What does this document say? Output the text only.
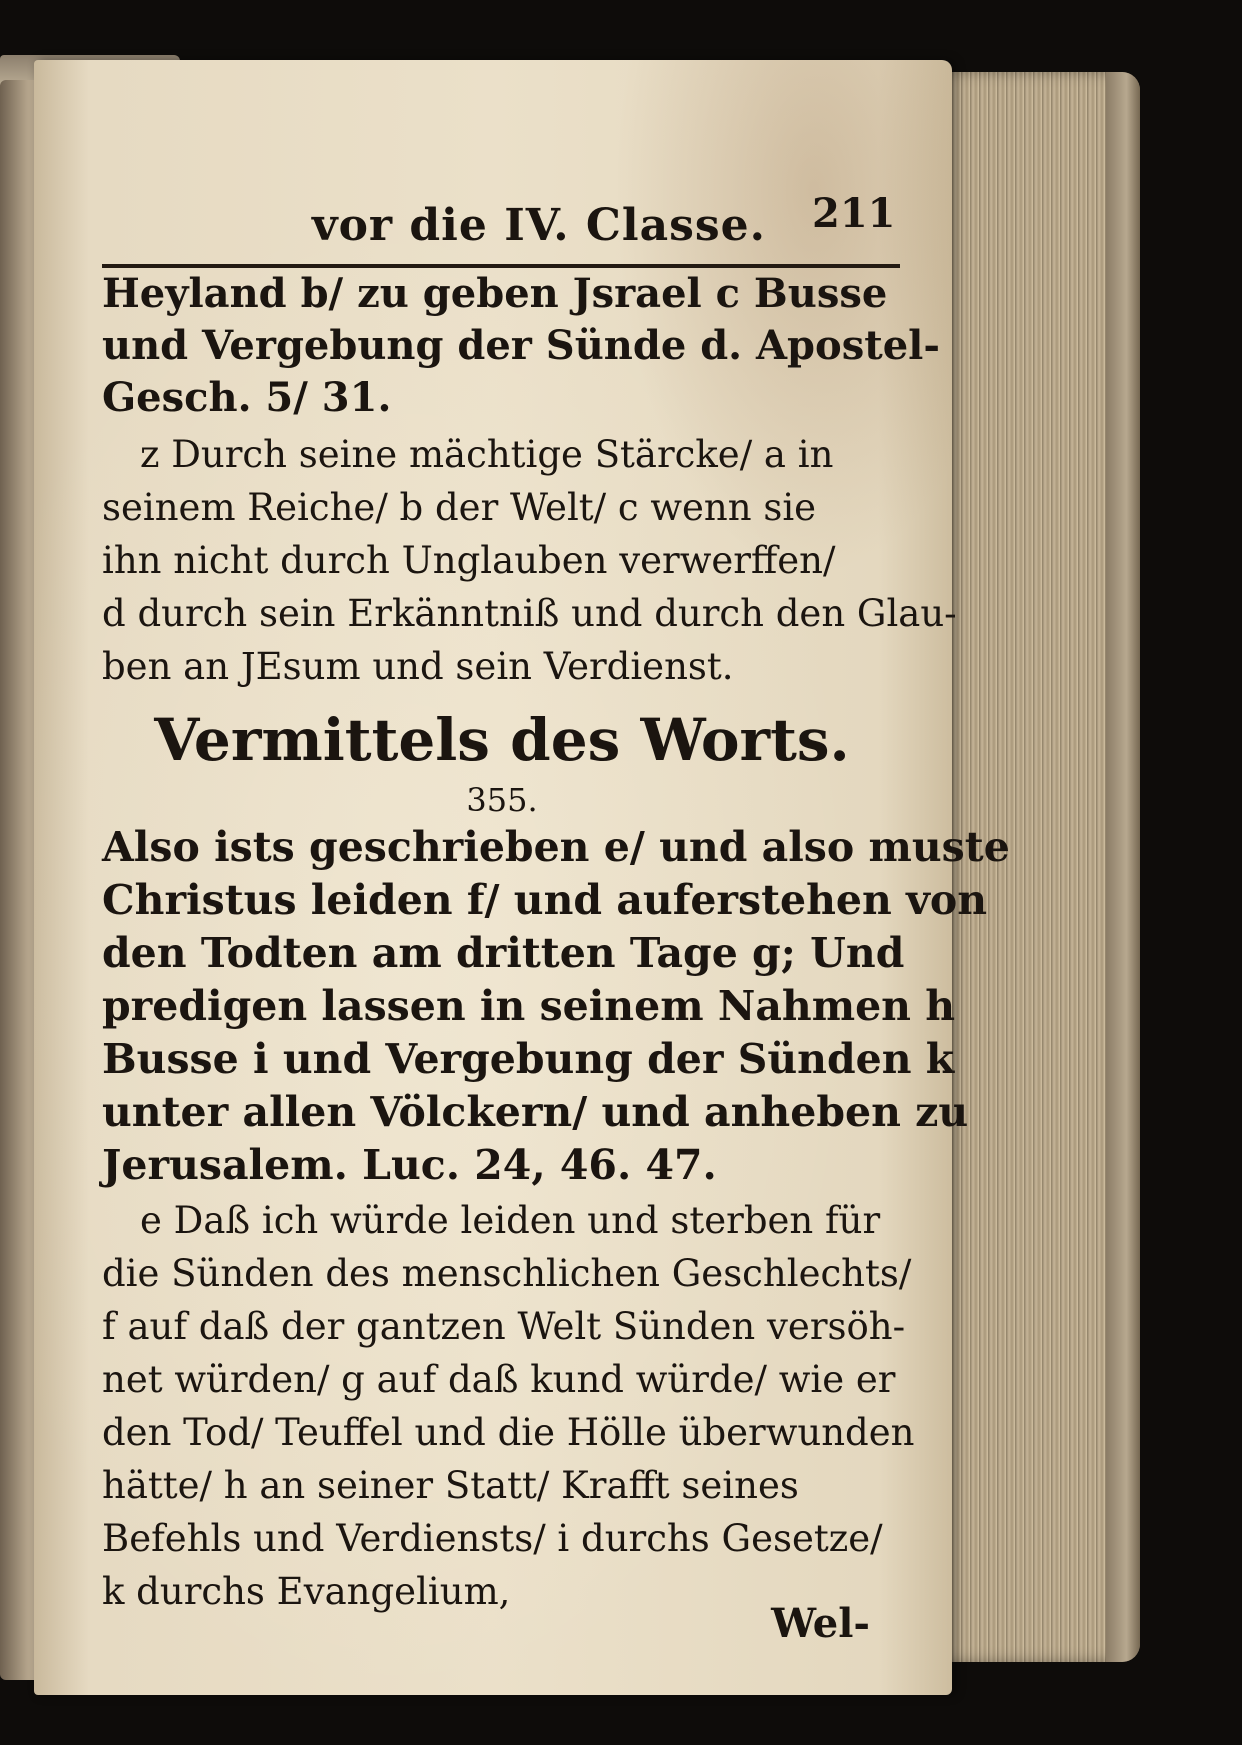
vor die IV. Classe. 211
Heyland b/ zu geben Jsrael c Busse
und Vergebung der Sünde d. Apostel-
Gesch. 5/ 31.
z Durch seine mächtige Stärcke/ a in
seinem Reiche/ b der Welt/ c wenn sie
ihn nicht durch Unglauben verwerffen/
d durch sein Erkänntniß und durch den Glau-
ben an JEsum und sein Verdienst.
Vermittels des Worts.
355.
Also ists geschrieben e/ und also muste
Christus leiden f/ und auferstehen von
den Todten am dritten Tage g; Und
predigen lassen in seinem Nahmen h
Busse i und Vergebung der Sünden k
unter allen Völckern/ und anheben zu
Jerusalem. Luc. 24, 46. 47.
e Daß ich würde leiden und sterben für
die Sünden des menschlichen Geschlechts/
f auf daß der gantzen Welt Sünden versöh-
net würden/ g auf daß kund würde/ wie er
den Tod/ Teuffel und die Hölle überwunden
hätte/ h an seiner Statt/ Krafft seines
Befehls und Verdiensts/ i durchs Gesetze/
k durchs Evangelium,
Wel-
